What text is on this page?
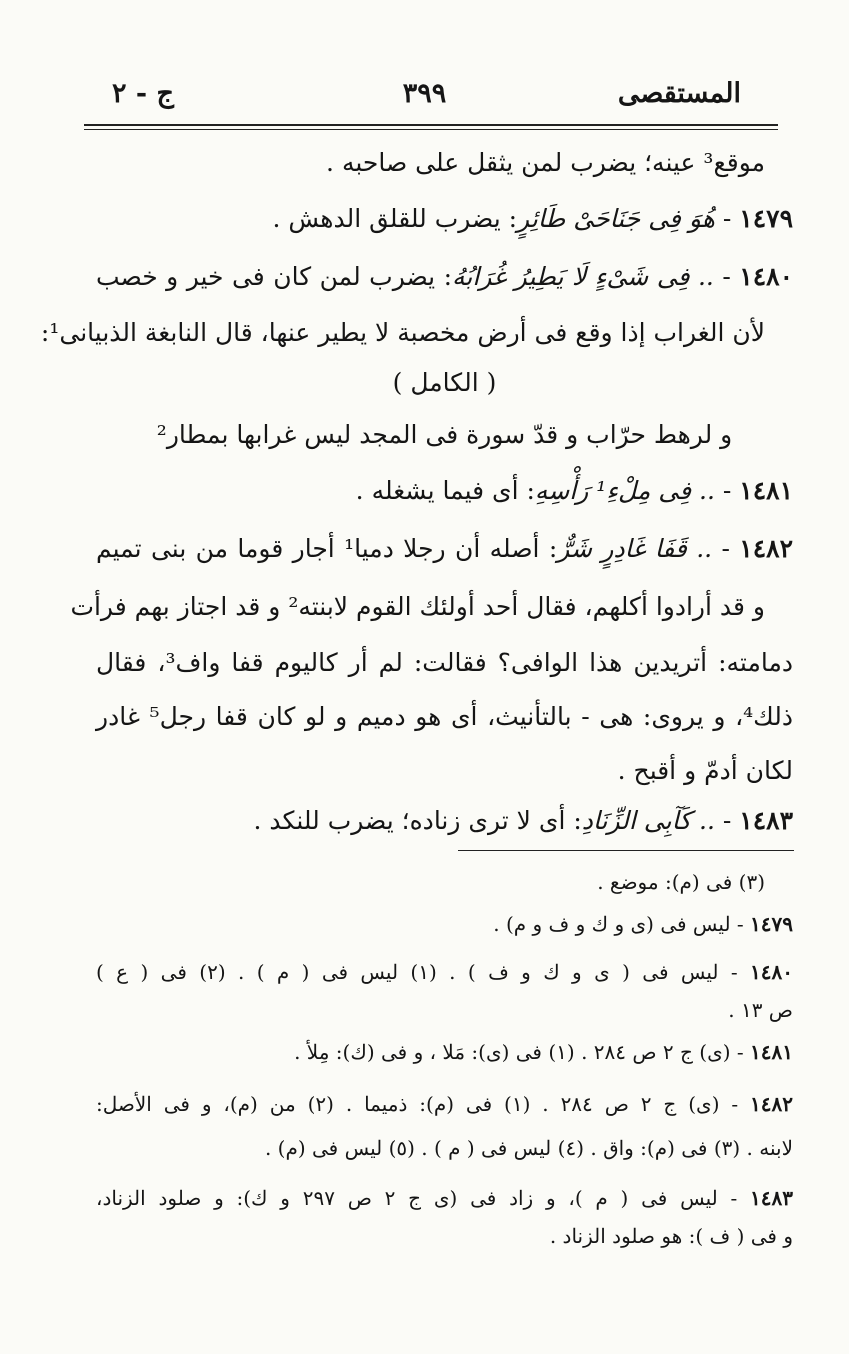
المستقصى
٣٩٩
ج - ٢
موقع³ عينه؛ يضرب لمن يثقل على صاحبه .
١٤٧٩ - هُوَ فِى جَنَاحَىْ طَائِرٍ: يضرب للقلق الدهش .
١٤٨٠ - .. فِى شَىْءٍ لَا يَطِيرُ غُرَابُهُ: يضرب لمن كان فى خير و خصب
لأن الغراب إذا وقع فى أرض مخصبة لا يطير عنها، قال النابغة الذبيانى¹:
( الكامل )
و لرهط حرّاب و قدّ سورة فى المجد ليس غرابها بمطار²
١٤٨١ - .. فِى مِلْءِ¹ رَأْسِهِ: أى فيما يشغله .
١٤٨٢ - .. قَفَا غَادِرٍ شَرٌّ: أصله أن رجلا دميا¹ أجار قوما من بنى تميم
و قد أرادوا أكلهم، فقال أحد أولئك القوم لابنته² و قد اجتاز بهم فرأت
دمامته: أتريدين هذا الوافى؟ فقالت: لم أر كاليوم قفا واف³، فقال
ذلك⁴، و يروى: هى - بالتأنيث، أى هو دميم و لو كان قفا رجل⁵ غادر
لكان أدمّ و أقبح .
١٤٨٣ - .. كَآبِى الزِّنَادِ: أى لا ترى زناده؛ يضرب للنكد .
(٣) فى (م): موضع .
١٤٧٩ - ليس فى (ى و ك و ف و م) .
١٤٨٠ - ليس فى ( ى و ك و ف ) . (١) ليس فى ( م ) . (٢) فى ( ع )
ص ١٣ .
١٤٨١ - (ى) ج ٢ ص ٢٨٤ . (١) فى (ى): مَلا ، و فى (ك): مِلأ .
١٤٨٢ - (ى) ج ٢ ص ٢٨٤ . (١) فى (م): ذميما . (٢) من (م)، و فى الأصل:
لابنه . (٣) فى (م): واق . (٤) ليس فى ( م ) . (٥) ليس فى (م) .
١٤٨٣ - ليس فى ( م )، و زاد فى (ى ج ٢ ص ٢٩٧ و ك): و صلود الزناد،
و فى ( ف ): هو صلود الزناد .
